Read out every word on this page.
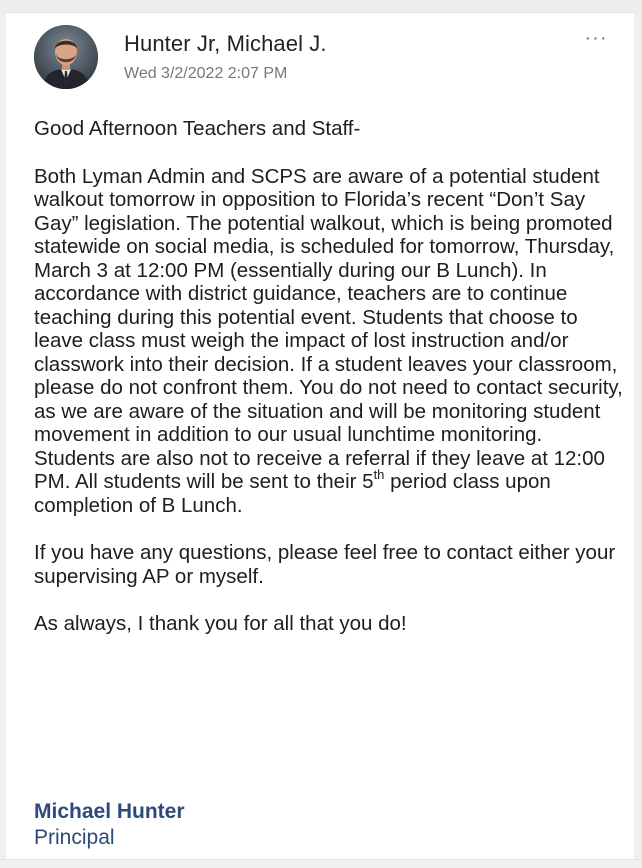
Hunter Jr, Michael J.
Wed 3/2/2022 2:07 PM
···

Good Afternoon Teachers and Staff-

Both Lyman Admin and SCPS are aware of a potential student walkout tomorrow in opposition to Florida’s recent “Don’t Say Gay” legislation. The potential walkout, which is being promoted statewide on social media, is scheduled for tomorrow, Thursday, March 3 at 12:00 PM (essentially during our B Lunch). In accordance with district guidance, teachers are to continue teaching during this potential event. Students that choose to leave class must weigh the impact of lost instruction and/or classwork into their decision. If a student leaves your classroom, please do not confront them. You do not need to contact security, as we are aware of the situation and will be monitoring student movement in addition to our usual lunchtime monitoring. Students are also not to receive a referral if they leave at 12:00 PM. All students will be sent to their 5th period class upon completion of B Lunch.

If you have any questions, please feel free to contact either your supervising AP or myself.

As always, I thank you for all that you do!

Michael Hunter
Principal
